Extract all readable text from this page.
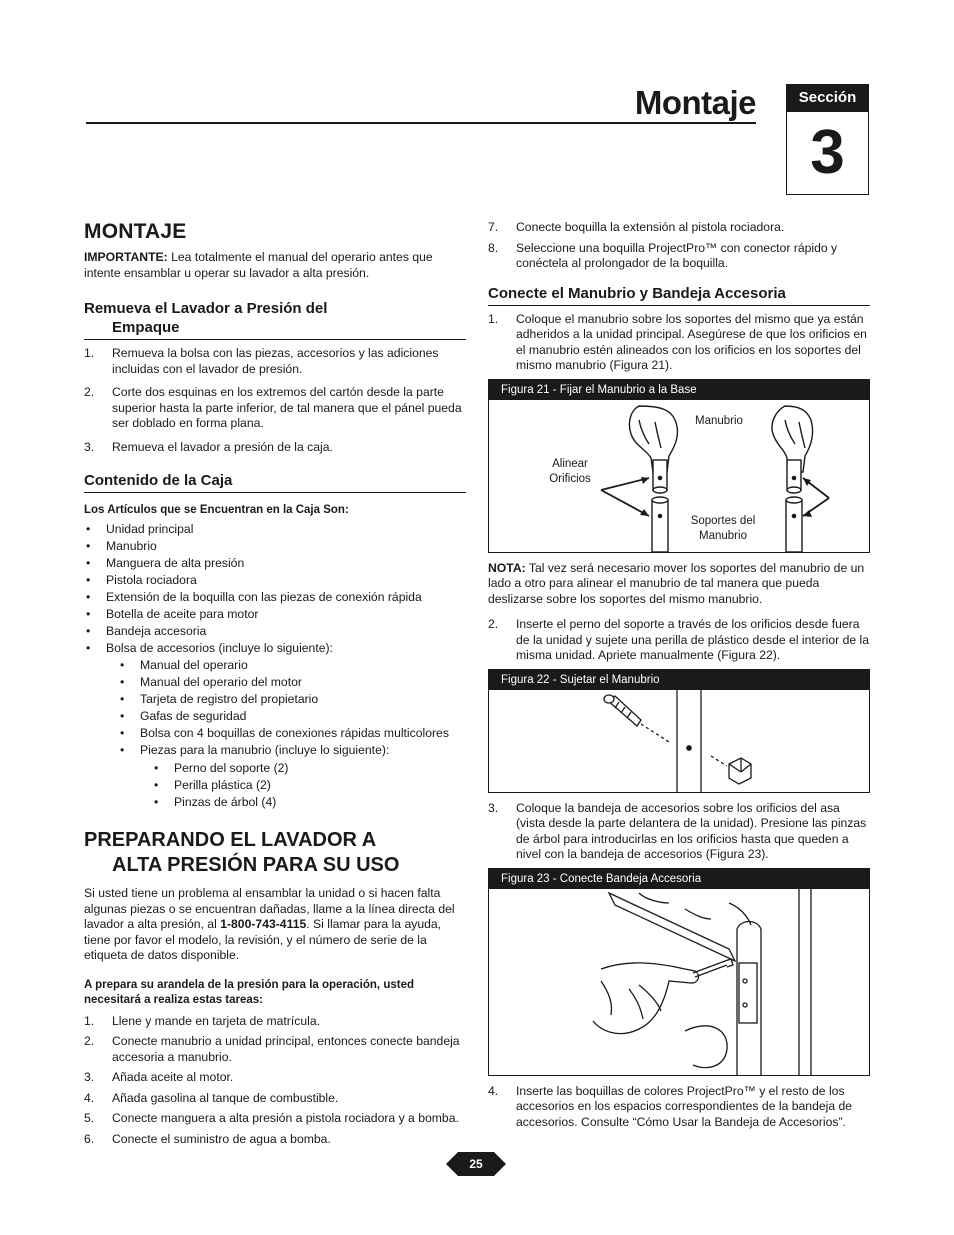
Montaje	Sección
3
MONTAJE

IMPORTANTE: Lea totalmente el manual del operario antes que intente ensamblar u operar su lavador a alta presión.

Remueva el Lavador a Presión del
Empaque
1. Remueva la bolsa con las piezas, accesorios y las adiciones incluidas con el lavador de presión.
2. Corte dos esquinas en los extremos del cartón desde la parte superior hasta la parte inferior, de tal manera que el pánel pueda ser doblado en forma plana.
3. Remueva el lavador a presión de la caja.
Contenido de la Caja
Los Artículos que se Encuentran en la Caja Son:
• Unidad principal
• Manubrio
• Manguera de alta presión
• Pistola rociadora
• Extensión de la boquilla con las piezas de conexión rápida
• Botella de aceite para motor
• Bandeja accesoria
• Bolsa de accesorios (incluye lo siguiente):
• Manual del operario
• Manual del operario del motor
• Tarjeta de registro del propietario
• Gafas de seguridad
• Bolsa con 4 boquillas de conexiones rápidas multicolores
• Piezas para la manubrio (incluye lo siguiente):
• Perno del soporte (2)
• Perilla plástica (2)
• Pinzas de árbol (4)
PREPARANDO EL LAVADOR A
ALTA PRESIÓN PARA SU USO

Si usted tiene un problema al ensamblar la unidad o si hacen falta algunas piezas o se encuentran dañadas, llame a la línea directa del lavador a alta presión, al 1-800-743-4115. Si llamar para la ayuda, tiene por favor el modelo, la revisión, y el número de serie de la etiqueta de datos disponible.

A prepara su arandela de la presión para la operación, usted necesitará a realiza estas tareas:
1. Llene y mande en tarjeta de matrícula.
2. Conecte manubrio a unidad principal, entonces conecte bandeja accesoria a manubrio.
3. Añada aceite al motor.
4. Añada gasolina al tanque de combustible.
5. Conecte manguera a alta presión a pistola rociadora y a bomba.
6. Conecte el suministro de agua a bomba.
7. Conecte boquilla la extensión al pistola rociadora.
8. Seleccione una boquilla ProjectPro™ con conector rápido y conéctela al prolongador de la boquilla.
Conecte el Manubrio y Bandeja Accesoria
1. Coloque el manubrio sobre los soportes del mismo que ya están adheridos a la unidad principal. Asegúrese de que los orificios en el manubrio estén alineados con los orificios en los soportes del mismo manubrio (Figura 21).
Figura 21 - Fijar el Manubrio a la Base
Manubrio
Alinear
Orificios
Soportes del
Manubrio

NOTA: Tal vez será necesario mover los soportes del manubrio de un lado a otro para alinear el manubrio de tal manera que pueda deslizarse sobre los soportes del mismo manubrio.

2. Inserte el perno del soporte a través de los orificios desde fuera de la unidad y sujete una perilla de plástico desde el interior de la misma unidad. Apriete manualmente (Figura 22).
Figura 22 - Sujetar el Manubrio
3. Coloque la bandeja de accesorios sobre los orificios del asa (vista desde la parte delantera de la unidad). Presione las pinzas de árbol para introducirlas en los orificios hasta que queden a nivel con la bandeja de accesorios (Figura 23).
Figura 23 - Conecte Bandeja Accesoria
4. Inserte las boquillas de colores ProjectPro™ y el resto de los accesorios en los espacios correspondientes de la bandeja de accesorios. Consulte “Cómo Usar la Bandeja de Accesorios”.
25
